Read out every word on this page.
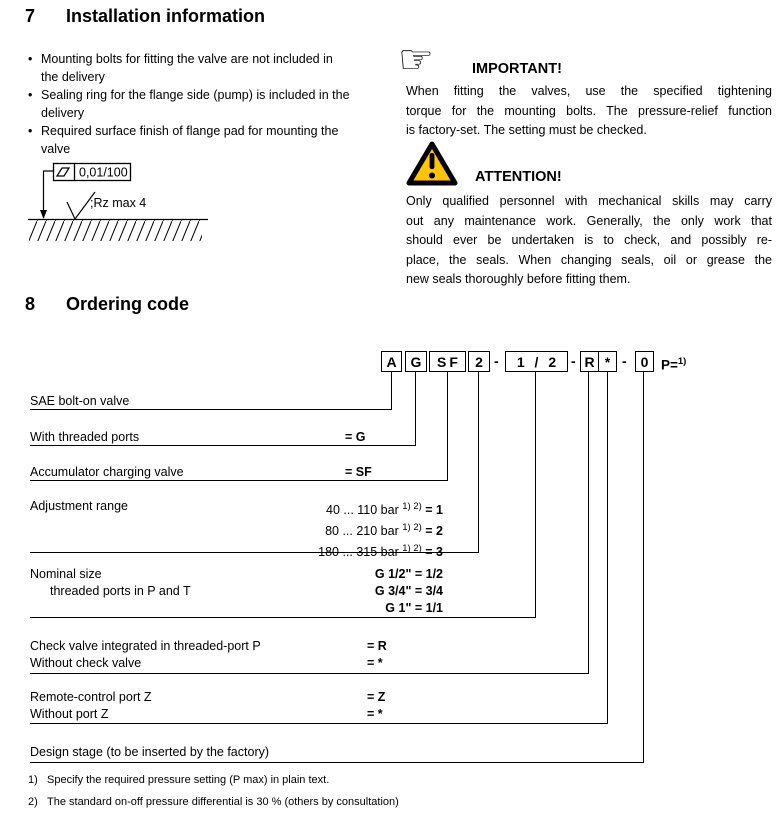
7 Installation information
• Mounting bolts for fitting the valve are not included in
the delivery
• Sealing ring for the flange side (pump) is included in the
delivery
• Required surface finish of flange pad for mounting the
valve
0,01/100
;Rz max 4
☞	IMPORTANT!
When fitting the valves, use the specified tightening
torque for the mounting bolts. The pressure-relief function
is factory-set. The setting must be checked.
ATTENTION!
Only qualified personnel with mechanical skills may carry
out any maintenance work. Generally, the only work that
should ever be undertaken is to check, and possibly re-
place, the seals. When changing seals, oil or grease the
new seals thoroughly before fitting them.
8 Ordering code
A G	SF	2 -	1 / 2	- R * - 0 P=$^{1)}$
SAE bolt-on valve
With threaded ports	= G
Accumulator charging valve	= SF
Adjustment range	40 ... 110 bar $^{1) 2)}$ = 1
80 ... 210 bar $^{1) 2)}$ = 2
180 ... 315 bar $^{1) 2)}$ = 3
Nominal size
threaded ports in P and T
G 1/2" = 1/2
G 3/4" = 3/4
G 1" = 1/1
Check valve integrated in threaded-port P	= R
Without check valve	= *
Remote-control port Z	= Z
Without port Z	= *
Design stage (to be inserted by the factory)
1) Specify the required pressure setting (P max) in plain text.
2) The standard on-off pressure differential is 30 % (others by consultation)
